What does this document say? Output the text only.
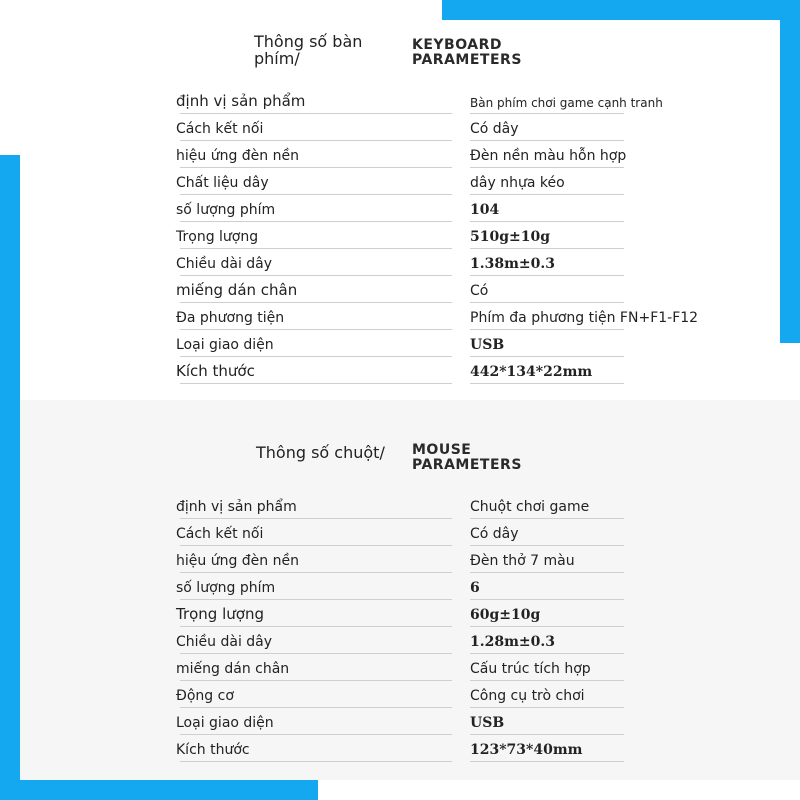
Thông số bàn
phím/
KEYBOARD
PARAMETERS
định vị sản phẩm	Bàn phím chơi game cạnh tranh
Cách kết nối	Có dây
hiệu ứng đèn nền	Đèn nền màu hỗn hợp
Chất liệu dây	dây nhựa kéo
số lượng phím	104
Trọng lượng	510g±10g
Chiều dài dây	1.38m±0.3
miếng dán chân	Có
Đa phương tiện	Phím đa phương tiện FN+F1-F12
Loại giao diện	USB
Kích thước	442*134*22mm
Thông số chuột/ MOUSE
PARAMETERS
định vị sản phẩm	Chuột chơi game
Cách kết nối	Có dây
hiệu ứng đèn nền	Đèn thở 7 màu
số lượng phím	6
Trọng lượng	60g±10g
Chiều dài dây	1.28m±0.3
miếng dán chân	Cấu trúc tích hợp
Động cơ	Công cụ trò chơi
Loại giao diện	USB
Kích thước	123*73*40mm
